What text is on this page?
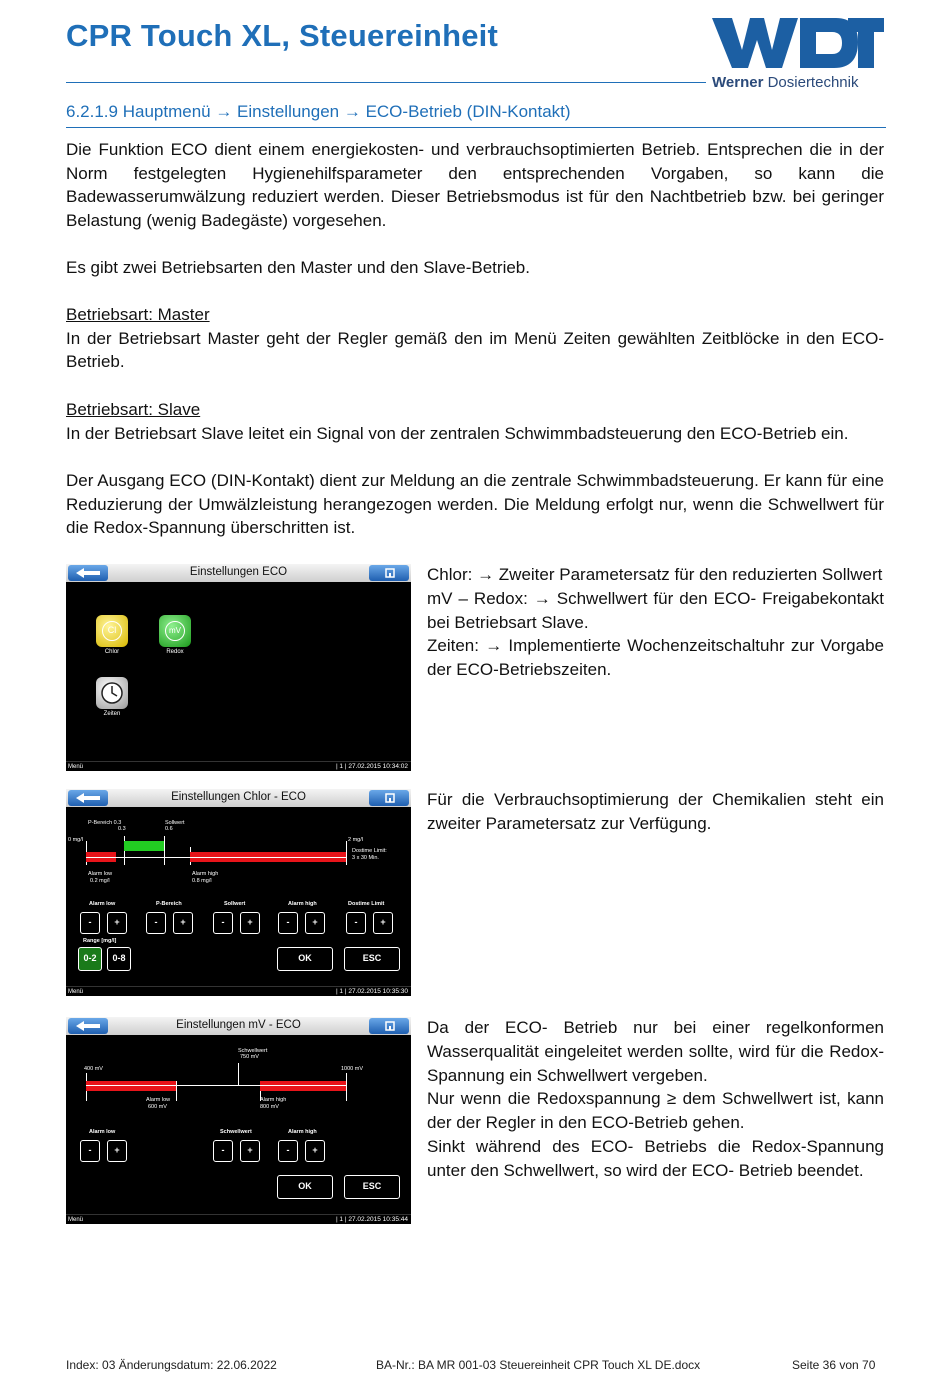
CPR Touch XL, Steuereinheit
Werner Dosiertechnik
6.2.1.9 Hauptmenü → Einstellungen → ECO-Betrieb (DIN-Kontakt)
Die Funktion ECO dient einem energiekosten- und verbrauchsoptimierten Betrieb. Entsprechen die in der Norm festgelegten Hygienehilfsparameter den entsprechenden Vorgaben, so kann die Badewasserumwälzung reduziert werden. Dieser Betriebsmodus ist für den Nachtbetrieb bzw. bei geringer Belastung (wenig Badegäste) vorgesehen.
Es gibt zwei Betriebsarten den Master und den Slave-Betrieb.
Betriebsart: Master
In der Betriebsart Master geht der Regler gemäß den im Menü Zeiten gewählten Zeitblöcke in den ECO-Betrieb.
Betriebsart: Slave
In der Betriebsart Slave leitet ein Signal von der zentralen Schwimmbadsteuerung den ECO-Betrieb ein.
Der Ausgang ECO (DIN-Kontakt) dient zur Meldung an die zentrale Schwimmbadsteuerung. Er kann für eine Reduzierung der Umwälzleistung herangezogen werden. Die Meldung erfolgt nur, wenn die Schwellwert für die Redox-Spannung überschritten ist.
Einstellungen ECO
Cl
Chlor
mV
Redox
Zeiten
Menü	| 1 | 27.02.2015 10:34:02
Chlor: → Zweiter Parametersatz für den reduzierten Sollwert
mV – Redox: → Schwellwert für den ECO- Freigabekontakt bei Betriebsart Slave.
Zeiten: → Implementierte Wochenzeitschaltuhr zur Vorgabe der ECO-Betriebszeiten.
Einstellungen Chlor - ECO
P-Bereich 0.3
0.3
Sollwert
0.6
0 mg/l	2 mg/l
Dostime Limit:
3 x 30 Min.
Alarm low
0.2 mg/l
Alarm high
0.8 mg/l
Alarm low	P-Bereich	Sollwert	Alarm high	Dostime Limit
-	+	-	+	-	+	-	+	-	+
Range [mg/l]
0-2	0-8	OK	ESC
Menü	| 1 | 27.02.2015 10:35:30
Für die Verbrauchsoptimierung der Chemikalien steht ein zweiter Parametersatz zur Verfügung.
Einstellungen mV - ECO
Schwellwert
750 mV
400 mV	1000 mV
Alarm low
600 mV
Alarm high
800 mV
Alarm low	Schwellwert	Alarm high
-	+	-	+	-	+
OK	ESC
Menü	| 1 | 27.02.2015 10:35:44
Da der ECO- Betrieb nur bei einer regelkonformen Wasserqualität eingeleitet werden sollte, wird für die Redox-Spannung ein Schwellwert vergeben.
Nur wenn die Redoxspannung ≥ dem Schwellwert ist, kann der der Regler in den ECO-Betrieb gehen.
Sinkt während des ECO- Betriebs die Redox-Spannung unter den Schwellwert, so wird der ECO- Betrieb beendet.
Index: 03 Änderungsdatum: 22.06.2022	BA-Nr.: BA MR 001-03 Steuereinheit CPR Touch XL DE.docx	Seite 36 von 70
